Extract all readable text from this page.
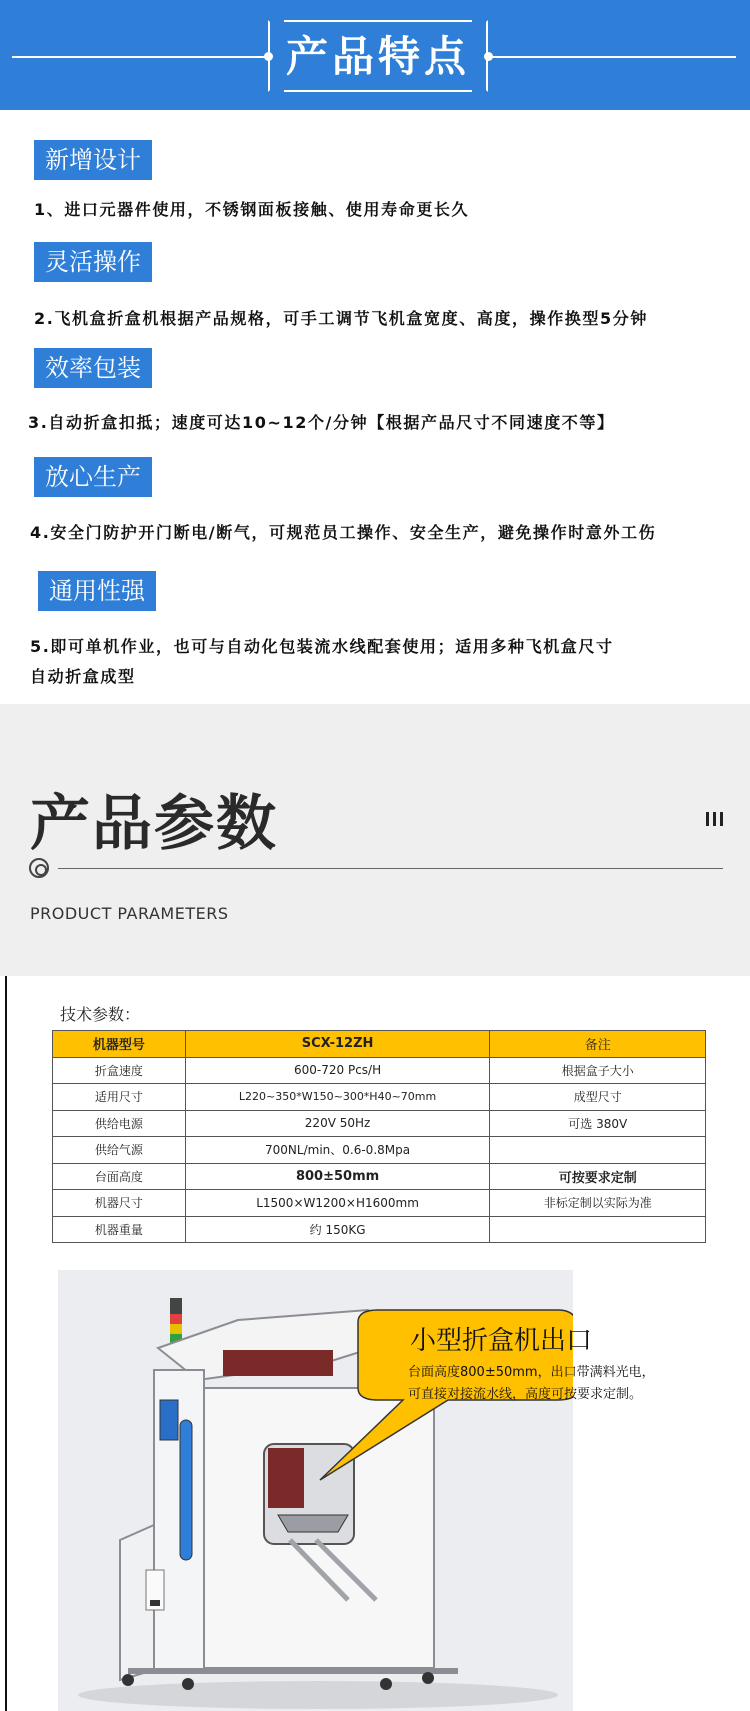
产品特点
新增设计
1、进口元器件使用，不锈钢面板接触、使用寿命更长久
灵活操作
2.飞机盒折盒机根据产品规格，可手工调节飞机盒宽度、高度，操作换型5分钟
效率包装
3.自动折盒扣抵；速度可达10~12个/分钟【根据产品尺寸不同速度不等】
放心生产
4.安全门防护开门断电/断气，可规范员工操作、安全生产，避免操作时意外工伤
通用性强
5.即可单机作业，也可与自动化包装流水线配套使用；适用多种飞机盒尺寸
自动折盒成型
产品参数
PRODUCT PARAMETERS
技术参数：
机器型号	SCX-12ZH	备注
折盒速度	600-720 Pcs/H	根据盒子大小
适用尺寸	L220~350*W150~300*H40~70mm	成型尺寸
供给电源	220V 50Hz	可选 380V
供给气源	700NL/min、0.6-0.8Mpa	
台面高度	800±50mm	可按要求定制
机器尺寸	L1500×W1200×H1600mm	非标定制以实际为准
机器重量	约 150KG	
小型折盒机出口
台面高度800±50mm，出口带满料光电，
可直接对接流水线，高度可按要求定制。
